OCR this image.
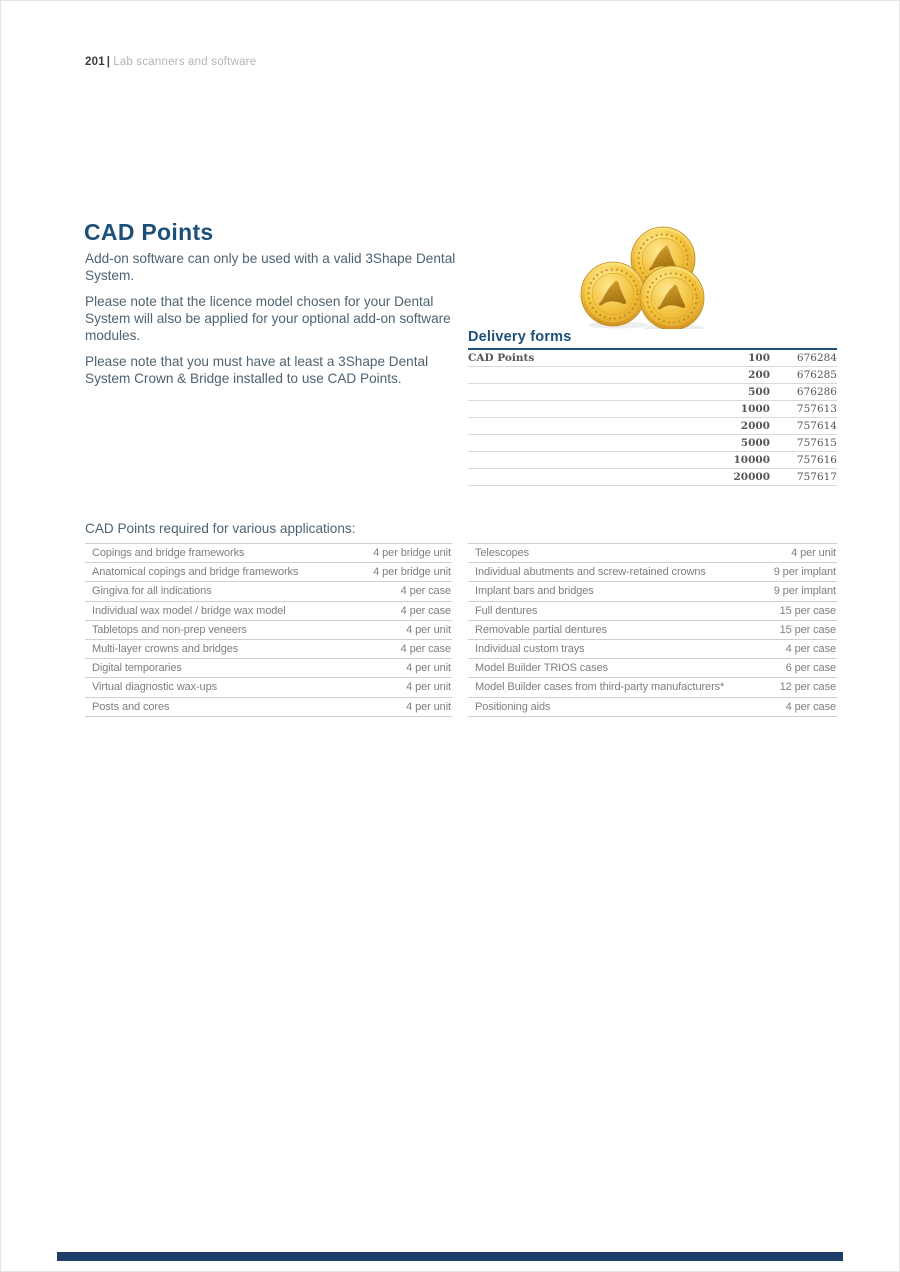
201 | Lab scanners and software
CAD Points

Add-on software can only be used with a valid 3Shape Dental System.

Please note that the licence model chosen for your Dental System will also be applied for your optional add-on software modules.

Please note that you must have at least a 3Shape Dental System Crown & Bridge installed to use CAD Points.

Delivery forms
CAD Points	100	676284
200	676285
500	676286
1000	757613
2000	757614
5000	757615
10000	757616
20000	757617
CAD Points required for various applications:
Copings and bridge frameworks	4 per bridge unit
Anatomical copings and bridge frameworks	4 per bridge unit
Gingiva for all indications	4 per case
Individual wax model / bridge wax model	4 per case
Tabletops and non-prep veneers	4 per unit
Multi-layer crowns and bridges	4 per case
Digital temporaries	4 per unit
Virtual diagnostic wax-ups	4 per unit
Posts and cores	4 per unit
Telescopes	4 per unit
Individual abutments and screw-retained crowns	9 per implant
Implant bars and bridges	9 per implant
Full dentures	15 per case
Removable partial dentures	15 per case
Individual custom trays	4 per case
Model Builder TRIOS cases	6 per case
Model Builder cases from third-party manufacturers*	12 per case
Positioning aids	4 per case
